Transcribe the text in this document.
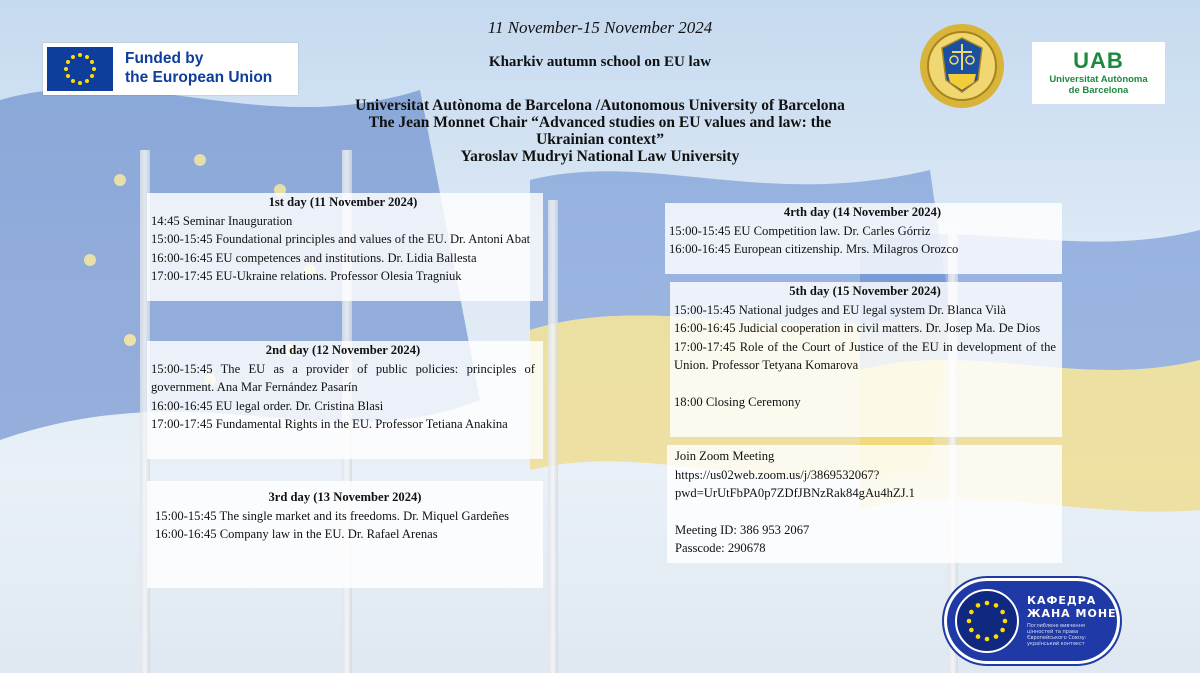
11 November-15 November 2024
Kharkiv autumn school on EU law
Universitat Autònoma de Barcelona /Autonomous University of Barcelona
The Jean Monnet Chair “Advanced studies on EU values and law: the
Ukrainian context”
Yaroslav Mudryi National Law University
Funded by
the European Union
UAB
Universitat Autònoma
de Barcelona
1st day (11 November 2024)
14:45 Seminar Inauguration
15:00-15:45 Foundational principles and values of the EU. Dr. Antoni Abat
16:00-16:45 EU competences and institutions. Dr. Lidia Ballesta
17:00-17:45 EU-Ukraine relations. Professor Olesia Tragniuk
2nd day (12 November 2024)
15:00-15:45 The EU as a provider of public policies: principles of government. Ana Mar Fernández Pasarín
16:00-16:45 EU legal order. Dr. Cristina Blasi
17:00-17:45 Fundamental Rights in the EU. Professor Tetiana Anakina
3rd day (13 November 2024)
15:00-15:45 The single market and its freedoms. Dr. Miquel Gardeñes
16:00-16:45 Company law in the EU. Dr. Rafael Arenas
4rth day (14 November 2024)
15:00-15:45 EU Competition law. Dr. Carles Górriz
16:00-16:45 European citizenship. Mrs. Milagros Orozco
5th day (15 November 2024)
15:00-15:45 National judges and EU legal system Dr. Blanca Vilà
16:00-16:45 Judicial cooperation in civil matters. Dr. Josep Ma. De Dios
17:00-17:45 Role of the Court of Justice of the EU in development of the Union. Professor Tetyana Komarova
18:00 Closing Ceremony
Join Zoom Meeting
https://us02web.zoom.us/j/3869532067?
pwd=UrUtFbPA0p7ZDfJBNzRak84gAu4hZJ.1
Meeting ID: 386 953 2067
Passcode: 290678
КАФЕДРА
ЖАНА МОНЕ
Поглиблене вивчення цінностей та права Європейського Союзу: український контекст
